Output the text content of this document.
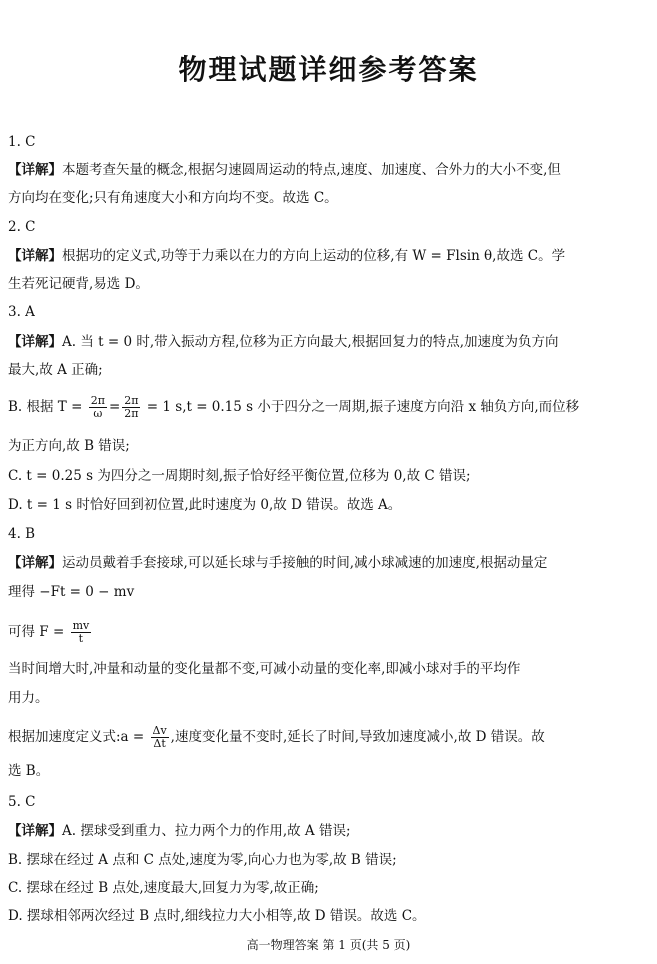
物理试题详细参考答案
1. C
【详解】本题考查矢量的概念,根据匀速圆周运动的特点,速度、加速度、合外力的大小不变,但
方向均在变化;只有角速度大小和方向均不变。故选 C。
2. C
【详解】根据功的定义式,功等于力乘以在力的方向上运动的位移,有 W = Flsin θ,故选 C。学
生若死记硬背,易选 D。
3. A
【详解】A. 当 t = 0 时,带入振动方程,位移为正方向最大,根据回复力的特点,加速度为负方向
最大,故 A 正确;
B. 根据 $T = \frac{2\pi}{\omega} = \frac{2\pi}{2\pi} = 1$ s,t = 0.15 s 小于四分之一周期,振子速度方向沿 x 轴负方向,而位移
为正方向,故 B 错误;
C. t = 0.25 s 为四分之一周期时刻,振子恰好经平衡位置,位移为 0,故 C 错误;
D. t = 1 s 时恰好回到初位置,此时速度为 0,故 D 错误。故选 A。
4. B
【详解】运动员戴着手套接球,可以延长球与手接触的时间,减小球减速的加速度,根据动量定
理得 −Ft = 0 − mv
可得 $F = \frac{mv}{t}$
当时间增大时,冲量和动量的变化量都不变,可减小动量的变化率,即减小球对手的平均作
用力。
根据加速度定义式:a = $\frac{\Delta v}{\Delta t}$ ,速度变化量不变时,延长了时间,导致加速度减小,故 D 错误。故
选 B。
5. C
【详解】A. 摆球受到重力、拉力两个力的作用,故 A 错误;
B. 摆球在经过 A 点和 C 点处,速度为零,向心力也为零,故 B 错误;
C. 摆球在经过 B 点处,速度最大,回复力为零,故正确;
D. 摆球相邻两次经过 B 点时,细线拉力大小相等,故 D 错误。故选 C。
高一物理答案 第 1 页(共 5 页)
